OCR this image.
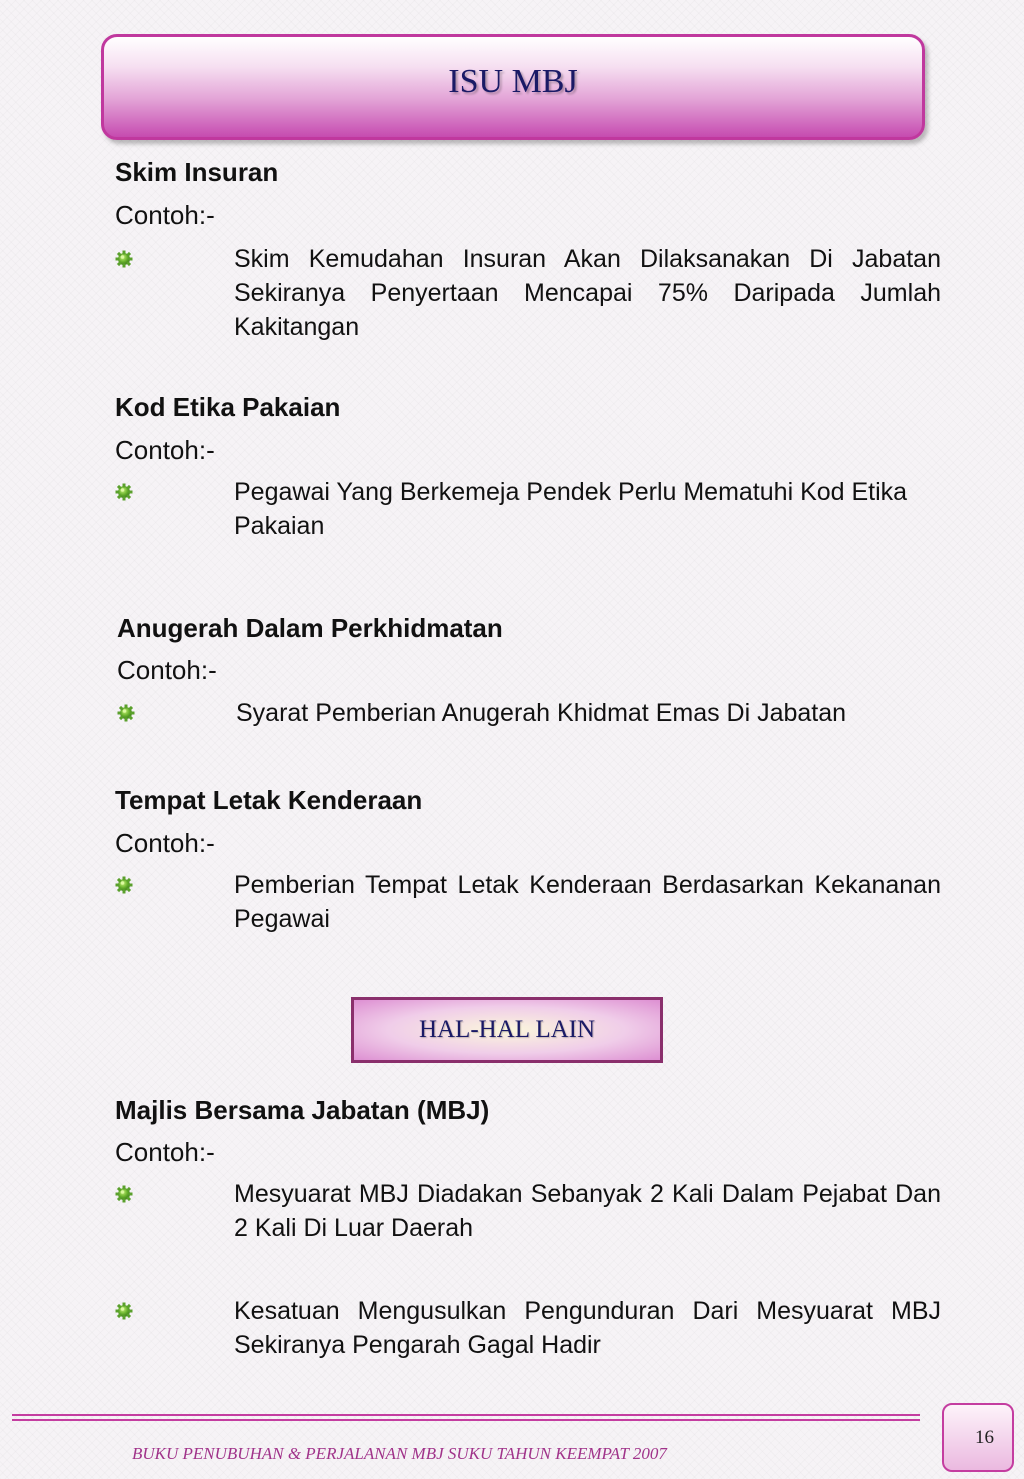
ISU MBJ
Skim Insuran
Contoh:-
Skim Kemudahan Insuran Akan Dilaksanakan Di Jabatan Sekiranya Penyertaan Mencapai 75% Daripada Jumlah Kakitangan
Kod Etika Pakaian
Contoh:-
Pegawai Yang Berkemeja Pendek Perlu Mematuhi Kod Etika Pakaian
Anugerah Dalam Perkhidmatan
Contoh:-
Syarat Pemberian Anugerah Khidmat Emas Di Jabatan
Tempat Letak Kenderaan
Contoh:-
Pemberian Tempat Letak Kenderaan Berdasarkan Kekananan Pegawai
HAL-HAL LAIN
Majlis Bersama Jabatan (MBJ)
Contoh:-
Mesyuarat MBJ Diadakan Sebanyak 2 Kali Dalam Pejabat Dan 2 Kali Di Luar Daerah
Kesatuan Mengusulkan Pengunduran Dari Mesyuarat MBJ Sekiranya Pengarah Gagal Hadir
16
BUKU PENUBUHAN & PERJALANAN MBJ SUKU TAHUN KEEMPAT 2007
